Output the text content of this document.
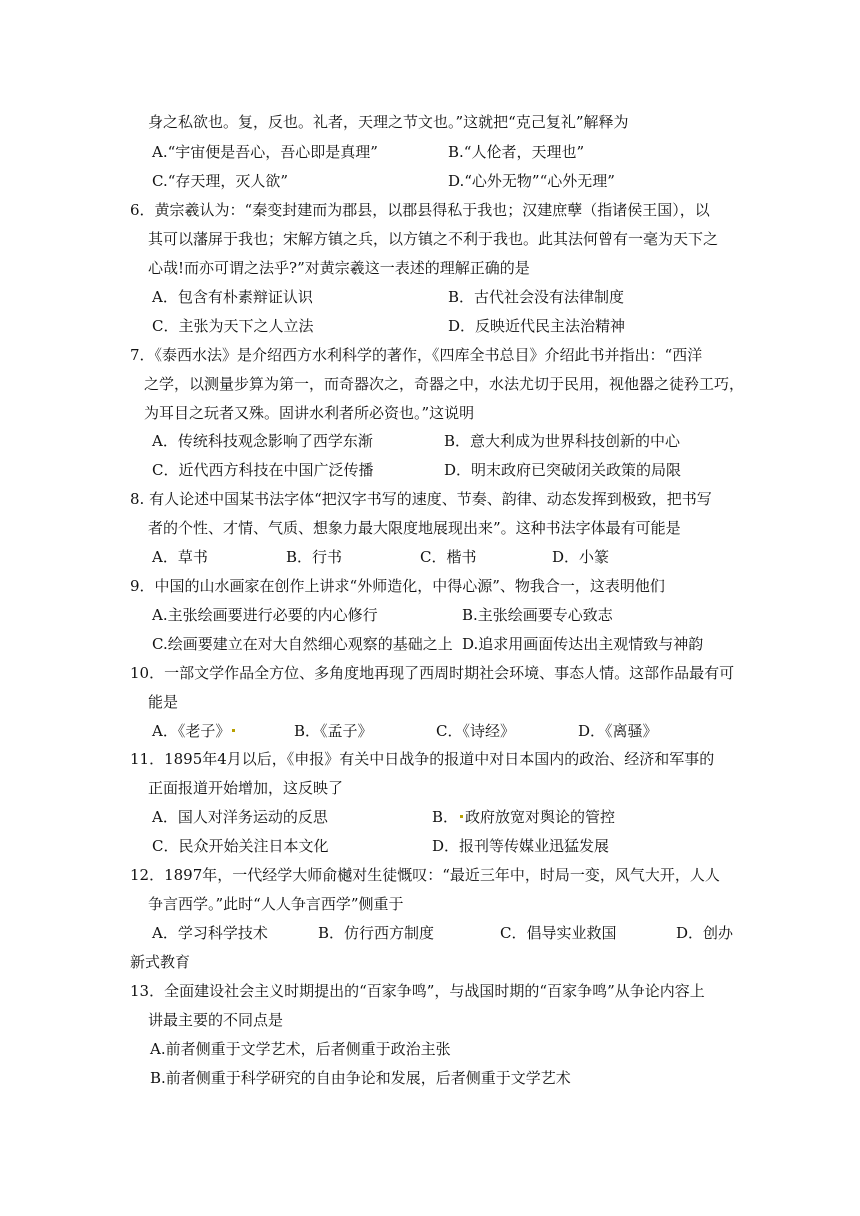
身之私欲也。复，反也。礼者，天理之节文也。”这就把“克己复礼”解释为
A.“宇宙便是吾心，吾心即是真理”	B.“人伦者，天理也”
C.“存天理，灭人欲”	D.“心外无物”“心外无理”
6．黄宗羲认为：“秦变封建而为郡县，以郡县得私于我也；汉建庶孽（指诸侯王国），以
其可以藩屏于我也；宋解方镇之兵，以方镇之不利于我也。此其法何曾有一毫为天下之
心哉!而亦可谓之法乎?”对黄宗羲这一表述的理解正确的是
A．包含有朴素辩证认识	B．古代社会没有法律制度
C．主张为天下之人立法	D．反映近代民主法治精神
7．《泰西水法》是介绍西方水利科学的著作，《四库全书总目》介绍此书并指出：“西洋
之学，以测量步算为第一，而奇器次之，奇器之中，水法尤切于民用，视他器之徒矜工巧，
为耳目之玩者又殊。固讲水利者所必资也。”这说明
A．传统科技观念影响了西学东渐	B．意大利成为世界科技创新的中心
C．近代西方科技在中国广泛传播	D．明末政府已突破闭关政策的局限
8. 有人论述中国某书法字体“把汉字书写的速度、节奏、韵律、动态发挥到极致，把书写
者的个性、才情、气质、想象力最大限度地展现出来”。这种书法字体最有可能是
A．草书	B．行书	C．楷书	D．小篆
9．中国的山水画家在创作上讲求“外师造化，中得心源”、物我合一，这表明他们
A.主张绘画要进行必要的内心修行	B.主张绘画要专心致志
C.绘画要建立在对大自然细心观察的基础之上 D.追求用画面传达出主观情致与神韵
10．一部文学作品全方位、多角度地再现了西周时期社会环境、事态人情。这部作品最有可
能是
A．《老子》	B．《孟子》	C．《诗经》	D．《离骚》
11．1895年4月以后，《申报》有关中日战争的报道中对日本国内的政治、经济和军事的
正面报道开始增加，这反映了
A．国人对洋务运动的反思	B． 政府放宽对舆论的管控
C．民众开始关注日本文化	D．报刊等传媒业迅猛发展
12．1897年，一代经学大师俞樾对生徒慨叹：“最近三年中，时局一变，风气大开，人人
争言西学。”此时“人人争言西学”侧重于
A．学习科学技术	B．仿行西方制度	C．倡导实业救国	D．创办
新式教育
13．全面建设社会主义时期提出的“百家争鸣”，与战国时期的“百家争鸣”从争论内容上
讲最主要的不同点是
A.前者侧重于文学艺术，后者侧重于政治主张
B.前者侧重于科学研究的自由争论和发展，后者侧重于文学艺术
